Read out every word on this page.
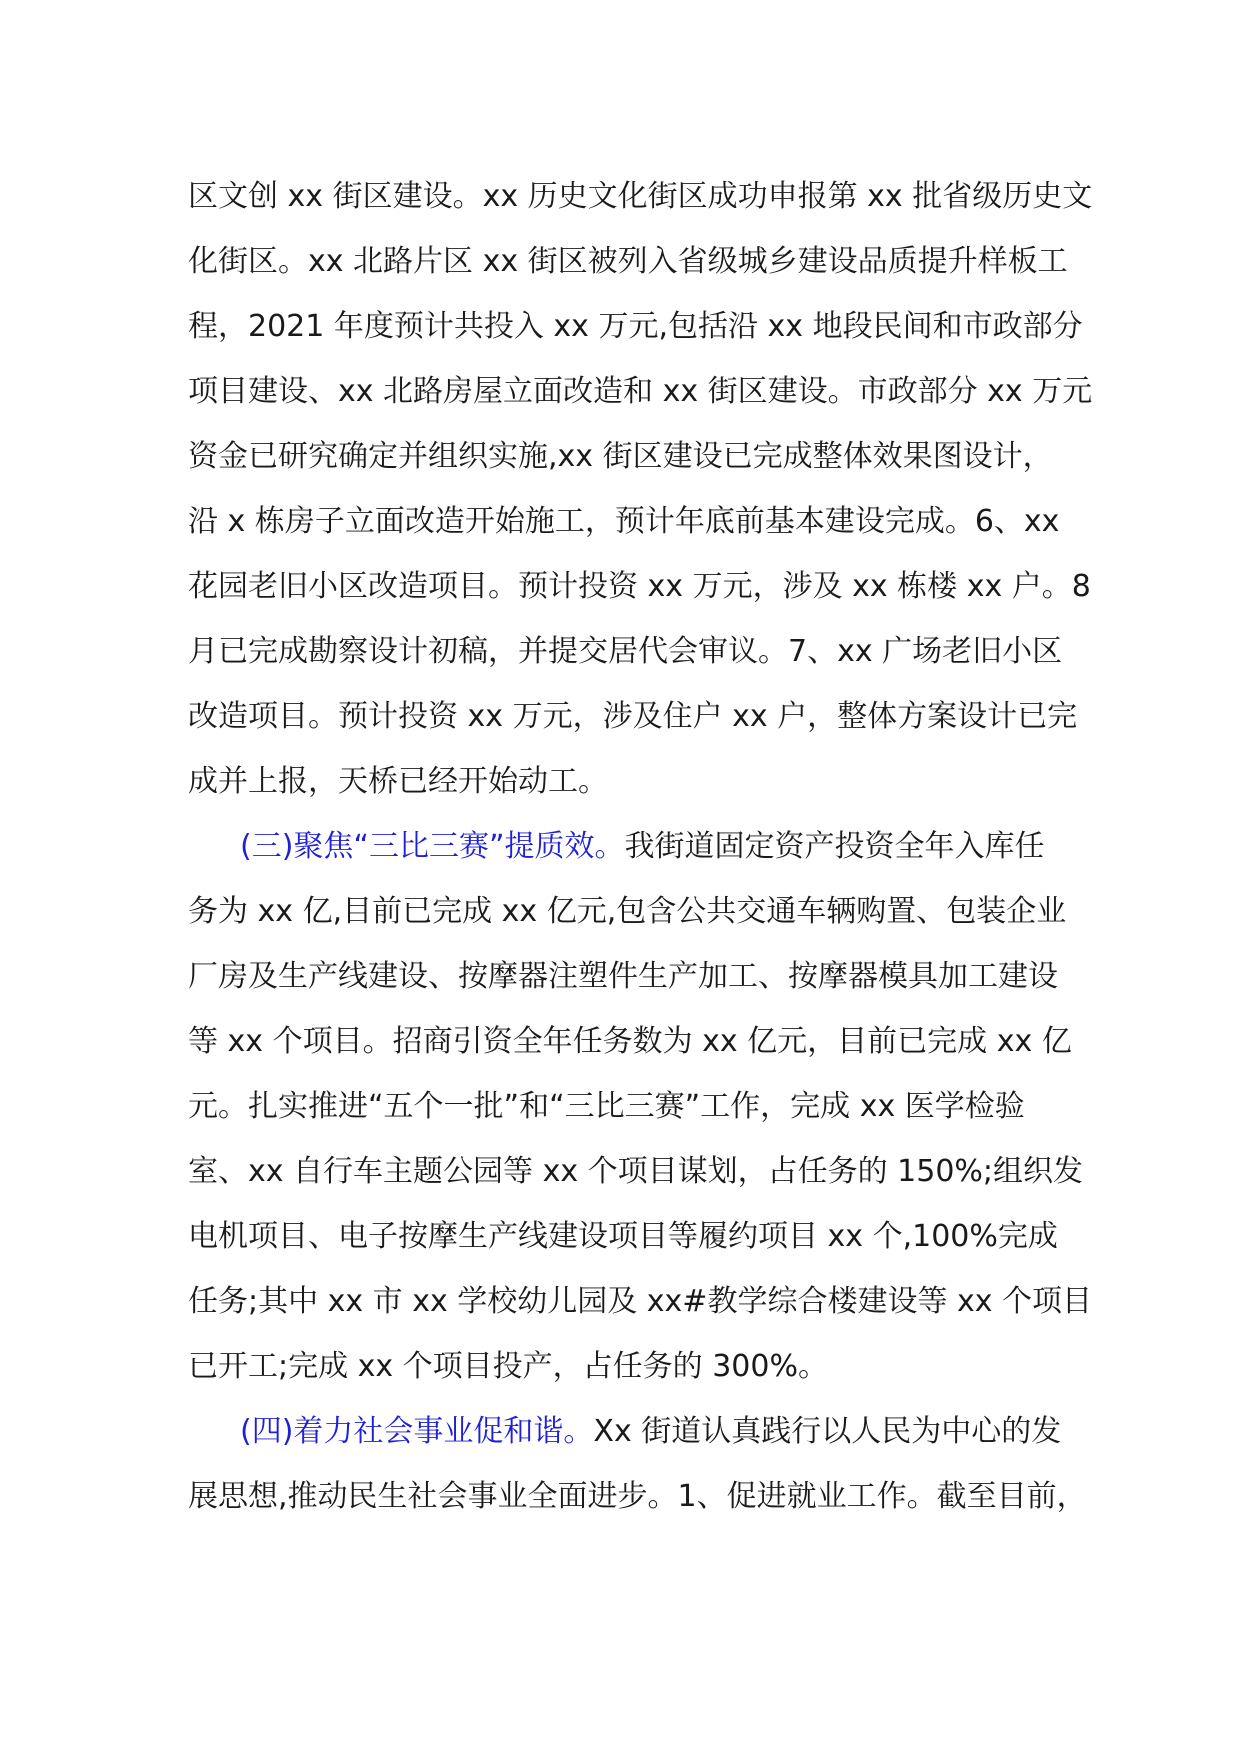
区文创 xx 街区建设。xx 历史文化街区成功申报第 xx 批省级历史文
化街区。xx 北路片区 xx 街区被列入省级城乡建设品质提升样板工
程，2021 年度预计共投入 xx 万元,包括沿 xx 地段民间和市政部分
项目建设、xx 北路房屋立面改造和 xx 街区建设。市政部分 xx 万元
资金已研究确定并组织实施,xx 街区建设已完成整体效果图设计，
沿 x 栋房子立面改造开始施工，预计年底前基本建设完成。6、xx
花园老旧小区改造项目。预计投资 xx 万元，涉及 xx 栋楼 xx 户。8
月已完成勘察设计初稿，并提交居代会审议。7、xx 广场老旧小区
改造项目。预计投资 xx 万元，涉及住户 xx 户，整体方案设计已完
成并上报，天桥已经开始动工。
(三)聚焦“三比三赛”提质效。我街道固定资产投资全年入库任
务为 xx 亿,目前已完成 xx 亿元,包含公共交通车辆购置、包装企业
厂房及生产线建设、按摩器注塑件生产加工、按摩器模具加工建设
等 xx 个项目。招商引资全年任务数为 xx 亿元，目前已完成 xx 亿
元。扎实推进“五个一批”和“三比三赛”工作，完成 xx 医学检验
室、xx 自行车主题公园等 xx 个项目谋划，占任务的 150%;组织发
电机项目、电子按摩生产线建设项目等履约项目 xx 个,100%完成
任务;其中 xx 市 xx 学校幼儿园及 xx#教学综合楼建设等 xx 个项目
已开工;完成 xx 个项目投产，占任务的 300%。
(四)着力社会事业促和谐。Xx 街道认真践行以人民为中心的发
展思想,推动民生社会事业全面进步。1、促进就业工作。截至目前，
